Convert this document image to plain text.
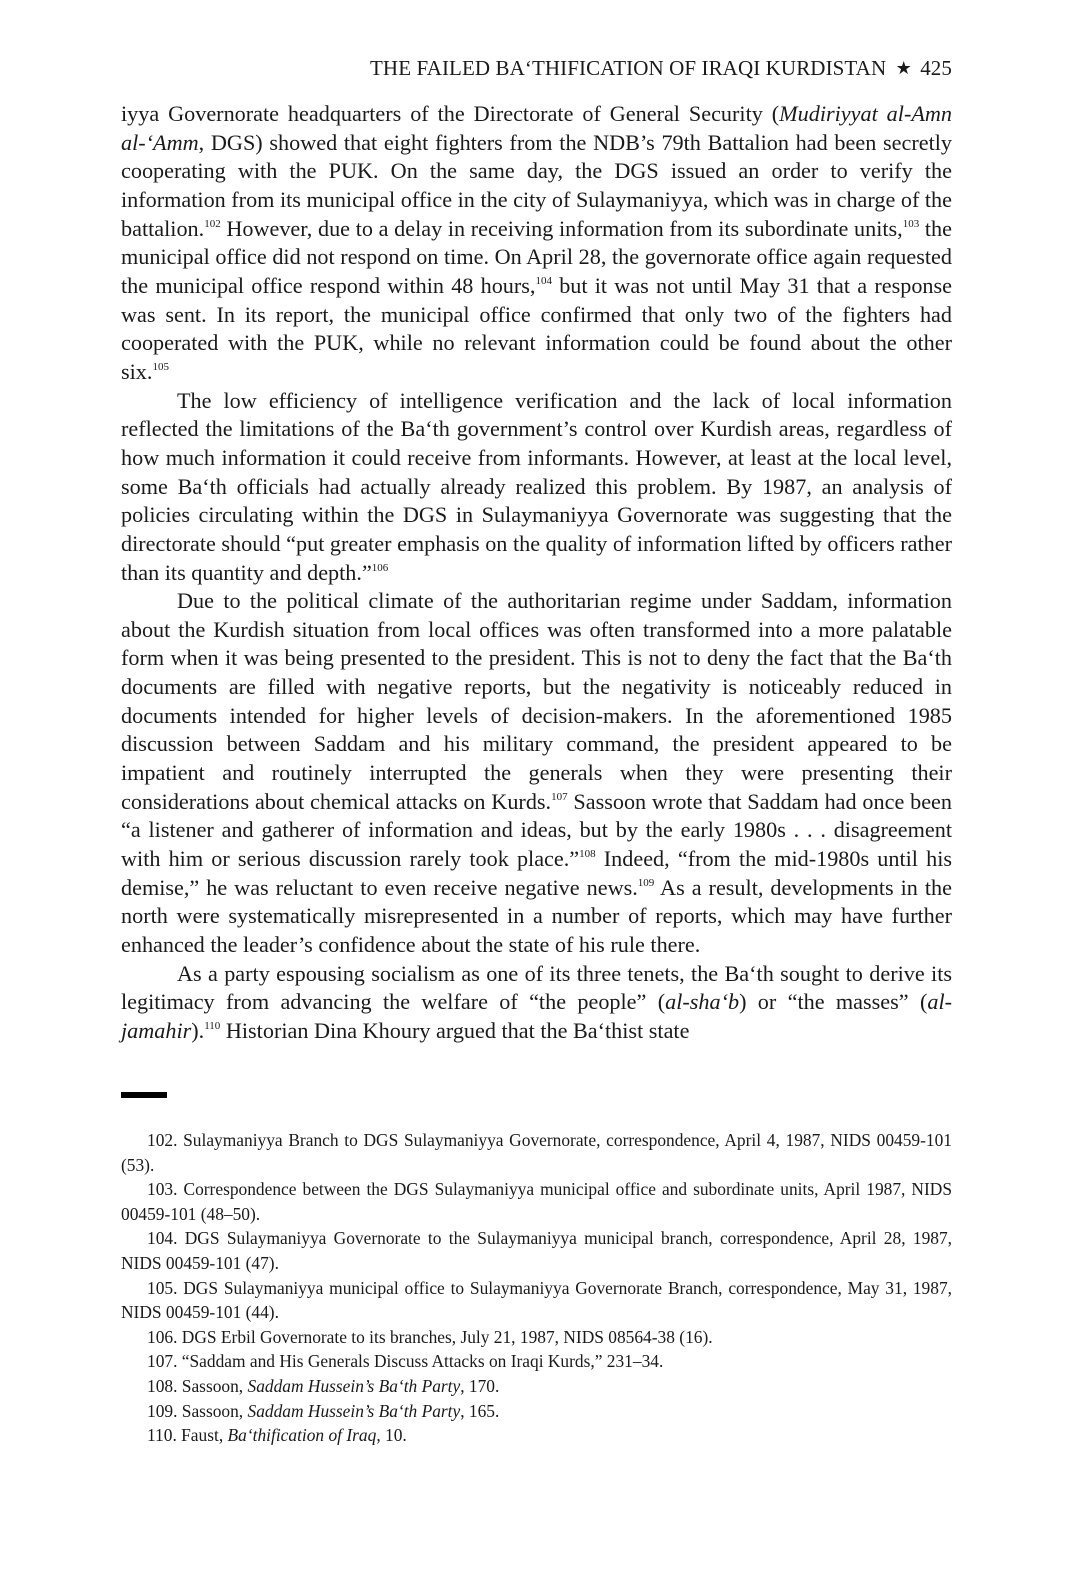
THE FAILED BA‘THIFICATION OF IRAQI KURDISTAN ★ 425

iyya Governorate headquarters of the Directorate of General Security (Mudiriyyat al-Amn al-‘Amm, DGS) showed that eight fighters from the NDB’s 79th Battalion had been secretly cooperating with the PUK. On the same day, the DGS issued an order to verify the information from its municipal office in the city of Sulaymaniyya, which was in charge of the battalion.$^{102}$ However, due to a delay in receiving information from its subordinate units,$^{103}$ the municipal office did not respond on time. On April 28, the governorate office again requested the municipal office respond within 48 hours,$^{104}$ but it was not until May 31 that a response was sent. In its report, the municipal office confirmed that only two of the fighters had cooperated with the PUK, while no relevant information could be found about the other six.$^{105}$

The low efficiency of intelligence verification and the lack of local information reflected the limitations of the Ba‘th government’s control over Kurdish areas, regardless of how much information it could receive from informants. However, at least at the local level, some Ba‘th officials had actually already realized this problem. By 1987, an analysis of policies circulating within the DGS in Sulaymaniyya Governorate was suggesting that the directorate should “put greater emphasis on the quality of information lifted by officers rather than its quantity and depth.”$^{106}$

Due to the political climate of the authoritarian regime under Saddam, information about the Kurdish situation from local offices was often transformed into a more palatable form when it was being presented to the president. This is not to deny the fact that the Ba‘th documents are filled with negative reports, but the negativity is noticeably reduced in documents intended for higher levels of decision-makers. In the aforementioned 1985 discussion between Saddam and his military command, the president appeared to be impatient and routinely interrupted the generals when they were presenting their considerations about chemical attacks on Kurds.$^{107}$ Sassoon wrote that Saddam had once been “a listener and gatherer of information and ideas, but by the early 1980s . . . disagreement with him or serious discussion rarely took place.”$^{108}$ Indeed, “from the mid-1980s until his demise,” he was reluctant to even receive negative news.$^{109}$ As a result, developments in the north were systematically misrepresented in a number of reports, which may have further enhanced the leader’s confidence about the state of his rule there.

As a party espousing socialism as one of its three tenets, the Ba‘th sought to derive its legitimacy from advancing the welfare of “the people” (al-sha‘b) or “the masses” (al-jamahir).$^{110}$ Historian Dina Khoury argued that the Ba‘thist state

102. Sulaymaniyya Branch to DGS Sulaymaniyya Governorate, correspondence, April 4, 1987, NIDS 00459-101 (53).

103. Correspondence between the DGS Sulaymaniyya municipal office and subordinate units, April 1987, NIDS 00459-101 (48–50).

104. DGS Sulaymaniyya Governorate to the Sulaymaniyya municipal branch, correspondence, April 28, 1987, NIDS 00459-101 (47).

105. DGS Sulaymaniyya municipal office to Sulaymaniyya Governorate Branch, correspondence, May 31, 1987, NIDS 00459-101 (44).

106. DGS Erbil Governorate to its branches, July 21, 1987, NIDS 08564-38 (16).

107. “Saddam and His Generals Discuss Attacks on Iraqi Kurds,” 231–34.

108. Sassoon, Saddam Hussein’s Ba‘th Party, 170.

109. Sassoon, Saddam Hussein’s Ba‘th Party, 165.

110. Faust, Ba‘thification of Iraq, 10.
